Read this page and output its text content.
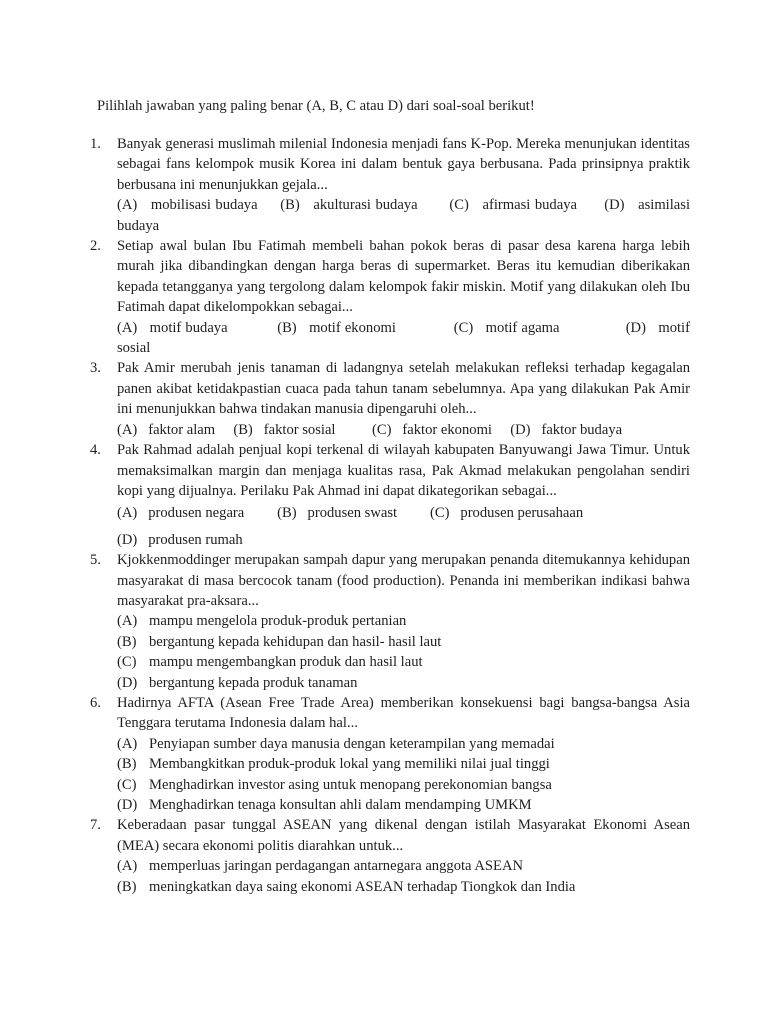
Pilihlah jawaban yang paling benar (A, B, C atau D) dari soal-soal berikut!
1.	Banyak generasi muslimah milenial Indonesia menjadi fans K-Pop. Mereka menunjukan identitas sebagai fans kelompok musik Korea ini dalam bentuk gaya berbusana. Pada prinsipnya praktik berbusana ini menunjukkan gejala...
(A) mobilisasi budaya (B) akulturasi budaya (C) afirmasi budaya (D) asimilasi budaya
2.	Setiap awal bulan Ibu Fatimah membeli bahan pokok beras di pasar desa karena harga lebih murah jika dibandingkan dengan harga beras di supermarket. Beras itu kemudian diberikakan kepada tetangganya yang tergolong dalam kelompok fakir miskin. Motif yang dilakukan oleh Ibu Fatimah dapat dikelompokkan sebagai...
(A) motif budaya	(B) motif ekonomi	(C) motif agama	(D) motif sosial
3.	Pak Amir merubah jenis tanaman di ladangnya setelah melakukan refleksi terhadap kegagalan panen akibat ketidakpastian cuaca pada tahun tanam sebelumnya. Apa yang dilakukan Pak Amir ini menunjukkan bahwa tindakan manusia dipengaruhi oleh...
(A) faktor alam (B) faktor sosial (C) faktor ekonomi (D) faktor budaya
4.	Pak Rahmad adalah penjual kopi terkenal di wilayah kabupaten Banyuwangi Jawa Timur. Untuk memaksimalkan margin dan menjaga kualitas rasa, Pak Akmad melakukan pengolahan sendiri kopi yang dijualnya. Perilaku Pak Ahmad ini dapat dikategorikan sebagai...
(A) produsen negara (B) produsen swast (C) produsen perusahaan
(D) produsen rumah
5.	Kjokkenmoddinger merupakan sampah dapur yang merupakan penanda ditemukannya kehidupan masyarakat di masa bercocok tanam (food production). Penanda ini memberikan indikasi bahwa masyarakat pra-aksara...
(A) mampu mengelola produk-produk pertanian
(B) bergantung kepada kehidupan dan hasil- hasil laut
(C) mampu mengembangkan produk dan hasil laut
(D) bergantung kepada produk tanaman
6.	Hadirnya AFTA (Asean Free Trade Area) memberikan konsekuensi bagi bangsa-bangsa Asia Tenggara terutama Indonesia dalam hal...
(A) Penyiapan sumber daya manusia dengan keterampilan yang memadai
(B) Membangkitkan produk-produk lokal yang memiliki nilai jual tinggi
(C) Menghadirkan investor asing untuk menopang perekonomian bangsa
(D) Menghadirkan tenaga konsultan ahli dalam mendamping UMKM
7.	Keberadaan pasar tunggal ASEAN yang dikenal dengan istilah Masyarakat Ekonomi Asean (MEA) secara ekonomi politis diarahkan untuk...
(A) memperluas jaringan perdagangan antarnegara anggota ASEAN
(B) meningkatkan daya saing ekonomi ASEAN terhadap Tiongkok dan India
